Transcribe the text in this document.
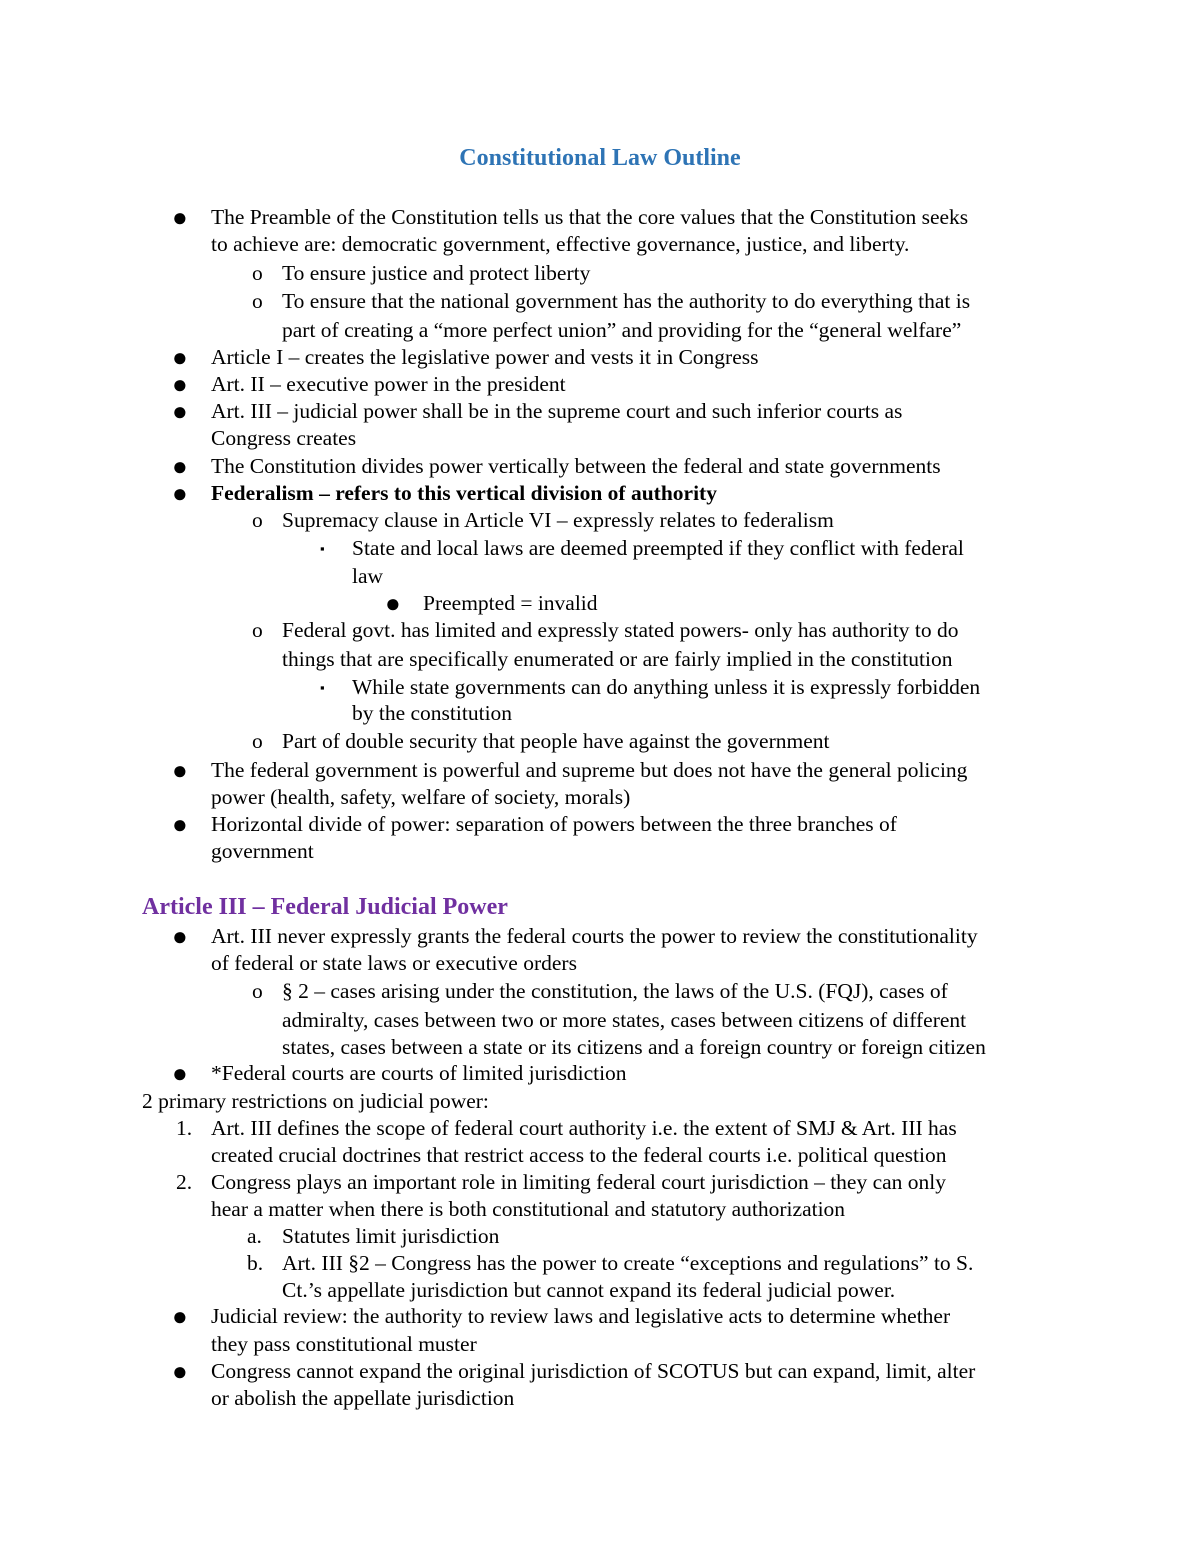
Constitutional Law Outline
● The Preamble of the Constitution tells us that the core values that the Constitution seeks
to achieve are: democratic government, effective governance, justice, and liberty.
o To ensure justice and protect liberty
o To ensure that the national government has the authority to do everything that is
part of creating a “more perfect union” and providing for the “general welfare”
● Article I – creates the legislative power and vests it in Congress
● Art. II – executive power in the president
● Art. III – judicial power shall be in the supreme court and such inferior courts as
Congress creates
● The Constitution divides power vertically between the federal and state governments
● Federalism – refers to this vertical division of authority
o Supremacy clause in Article VI – expressly relates to federalism
▪ State and local laws are deemed preempted if they conflict with federal
law
● Preempted = invalid
o Federal govt. has limited and expressly stated powers- only has authority to do
things that are specifically enumerated or are fairly implied in the constitution
▪ While state governments can do anything unless it is expressly forbidden
by the constitution
o Part of double security that people have against the government
● The federal government is powerful and supreme but does not have the general policing
power (health, safety, welfare of society, morals)
● Horizontal divide of power: separation of powers between the three branches of
government
Article III – Federal Judicial Power
● Art. III never expressly grants the federal courts the power to review the constitutionality
of federal or state laws or executive orders
o § 2 – cases arising under the constitution, the laws of the U.S. (FQJ), cases of
admiralty, cases between two or more states, cases between citizens of different
states, cases between a state or its citizens and a foreign country or foreign citizen
● *Federal courts are courts of limited jurisdiction
2 primary restrictions on judicial power:
1. Art. III defines the scope of federal court authority i.e. the extent of SMJ & Art. III has
created crucial doctrines that restrict access to the federal courts i.e. political question
2. Congress plays an important role in limiting federal court jurisdiction – they can only
hear a matter when there is both constitutional and statutory authorization
a. Statutes limit jurisdiction
b. Art. III §2 – Congress has the power to create “exceptions and regulations” to S.
Ct.’s appellate jurisdiction but cannot expand its federal judicial power.
● Judicial review: the authority to review laws and legislative acts to determine whether
they pass constitutional muster
● Congress cannot expand the original jurisdiction of SCOTUS but can expand, limit, alter
or abolish the appellate jurisdiction
